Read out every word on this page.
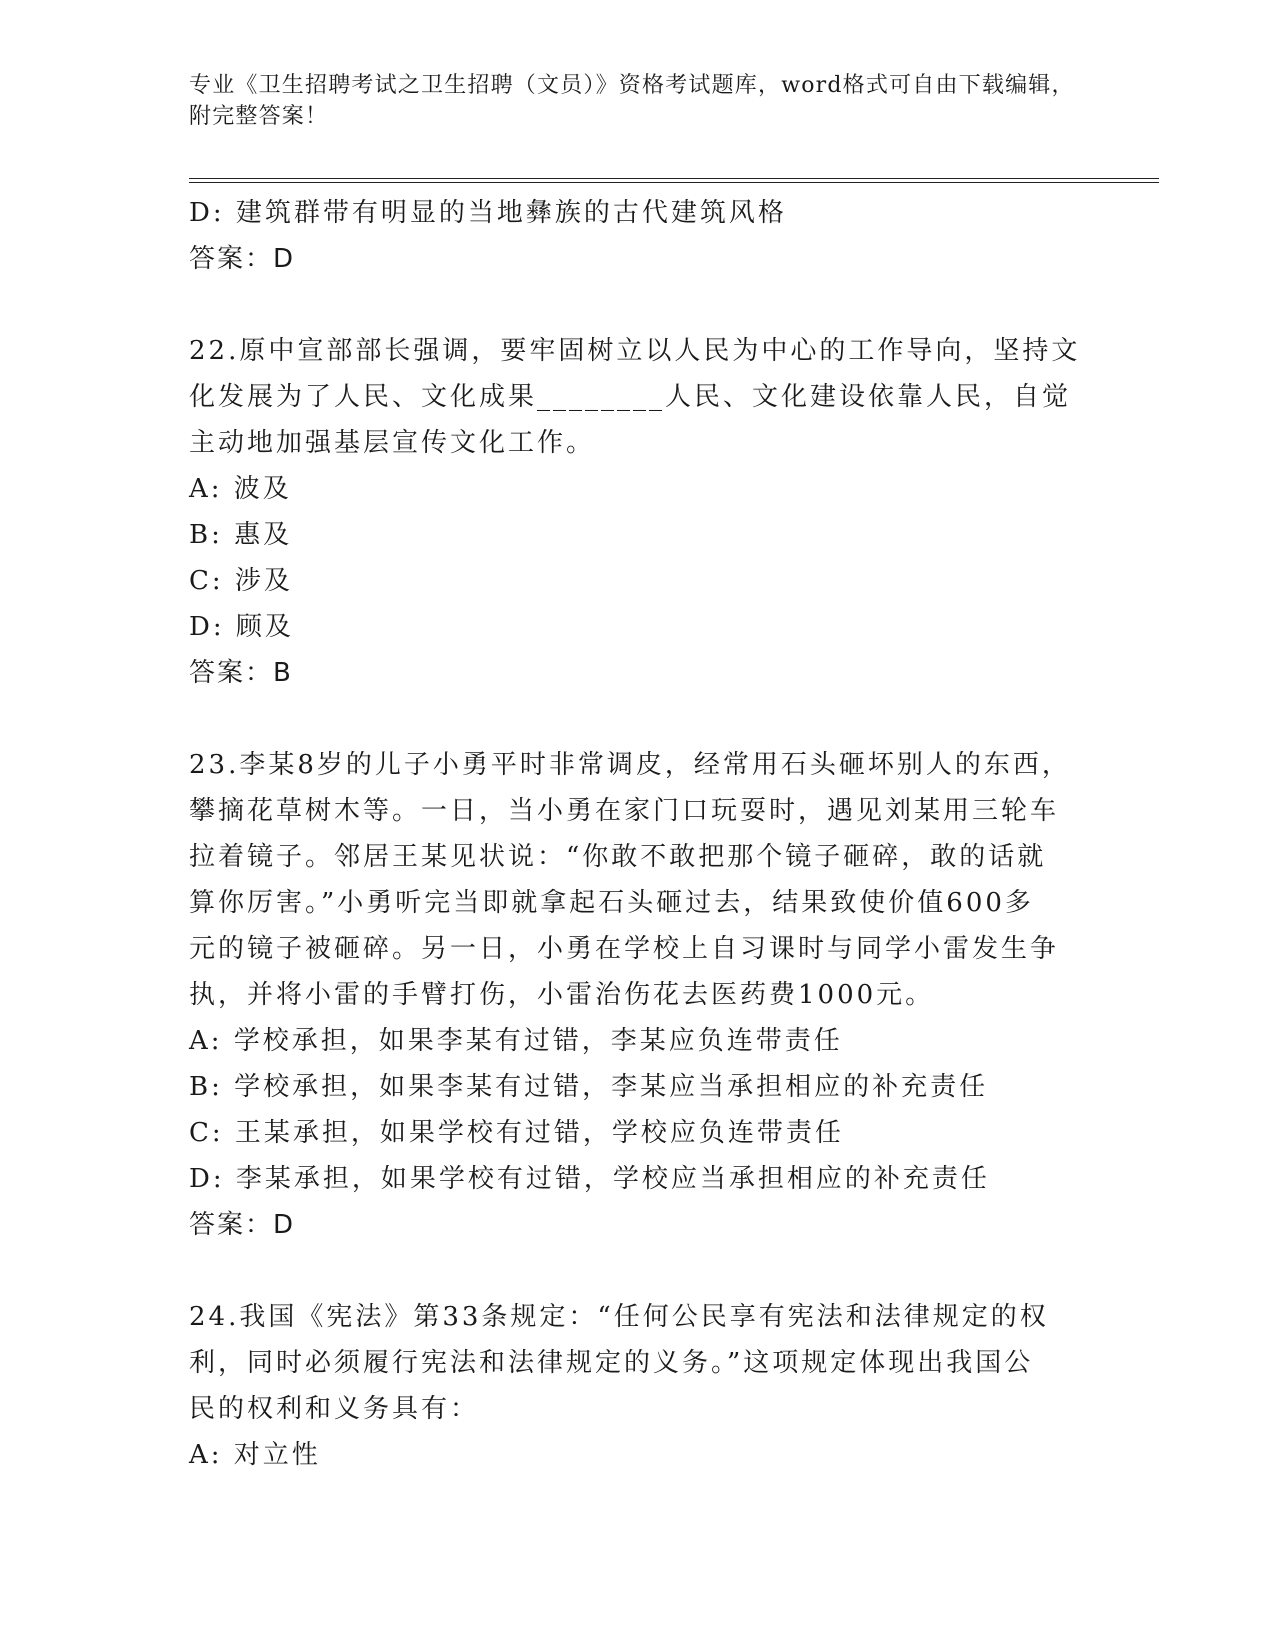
专业《卫生招聘考试之卫生招聘（文员）》资格考试题库，word格式可自由下载编辑，附完整答案！

D: 建筑群带有明显的当地彝族的古代建筑风格

答案：D

22.原中宣部部长强调，要牢固树立以人民为中心的工作导向，坚持文

化发展为了人民、文化成果________人民、文化建设依靠人民，自觉

主动地加强基层宣传文化工作。

A: 波及

B: 惠及

C: 涉及

D: 顾及

答案：B

23.李某8岁的儿子小勇平时非常调皮，经常用石头砸坏别人的东西，

攀摘花草树木等。一日，当小勇在家门口玩耍时，遇见刘某用三轮车

拉着镜子。邻居王某见状说：“你敢不敢把那个镜子砸碎，敢的话就

算你厉害。”小勇听完当即就拿起石头砸过去，结果致使价值600多

元的镜子被砸碎。另一日，小勇在学校上自习课时与同学小雷发生争

执，并将小雷的手臂打伤，小雷治伤花去医药费1000元。

A: 学校承担，如果李某有过错，李某应负连带责任

B: 学校承担，如果李某有过错，李某应当承担相应的补充责任

C: 王某承担，如果学校有过错，学校应负连带责任

D: 李某承担，如果学校有过错，学校应当承担相应的补充责任

答案：D

24.我国《宪法》第33条规定：“任何公民享有宪法和法律规定的权

利，同时必须履行宪法和法律规定的义务。”这项规定体现出我国公

民的权利和义务具有：

A: 对立性
